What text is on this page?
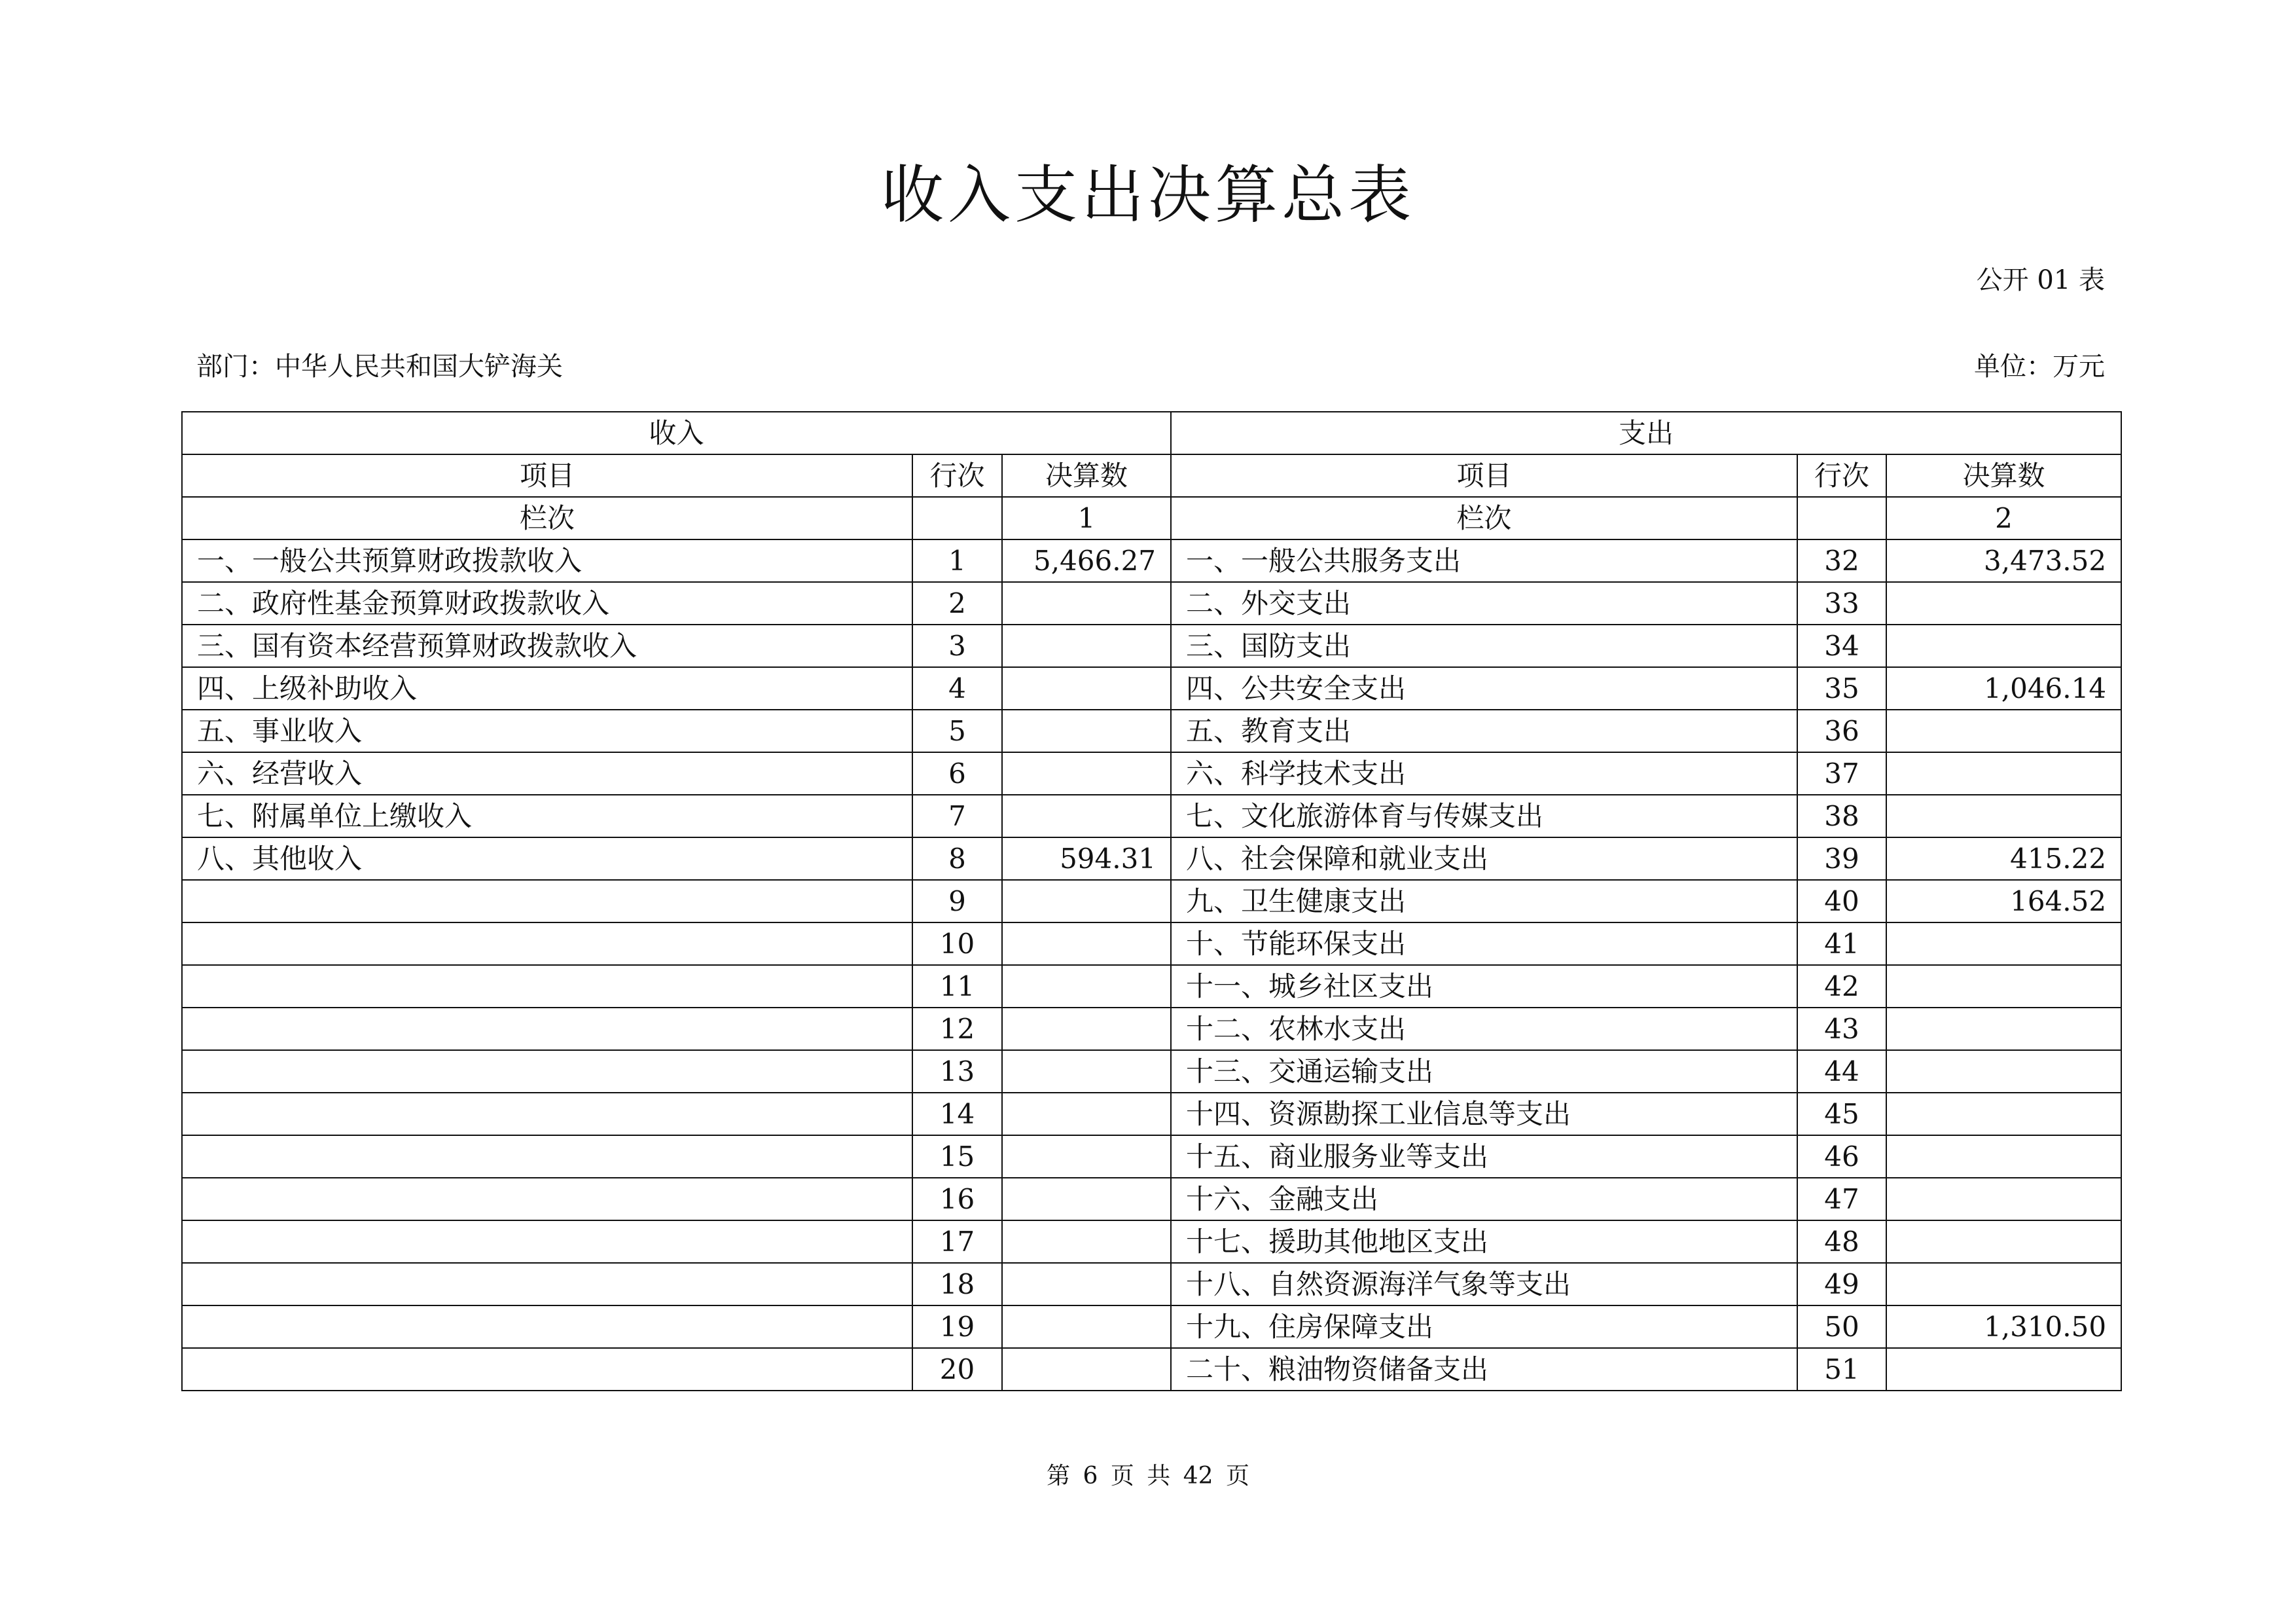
收入支出决算总表
公开 01 表
部门：中华人民共和国大铲海关	单位：万元
收入			支出		
项目	行次	决算数	项目	行次	决算数
栏次		1	栏次		2
一、一般公共预算财政拨款收入	1	5,466.27	一、一般公共服务支出	32	3,473.52
二、政府性基金预算财政拨款收入	2		二、外交支出	33	
三、国有资本经营预算财政拨款收入	3		三、国防支出	34	
四、上级补助收入	4		四、公共安全支出	35	1,046.14
五、事业收入	5		五、教育支出	36	
六、经营收入	6		六、科学技术支出	37	
七、附属单位上缴收入	7		七、文化旅游体育与传媒支出	38	
八、其他收入	8	594.31	八、社会保障和就业支出	39	415.22
	9		九、卫生健康支出	40	164.52
	10		十、节能环保支出	41	
	11		十一、城乡社区支出	42	
	12		十二、农林水支出	43	
	13		十三、交通运输支出	44	
	14		十四、资源勘探工业信息等支出	45	
	15		十五、商业服务业等支出	46	
	16		十六、金融支出	47	
	17		十七、援助其他地区支出	48	
	18		十八、自然资源海洋气象等支出	49	
	19		十九、住房保障支出	50	1,310.50
	20		二十、粮油物资储备支出	51	
第 6 页 共 42 页
